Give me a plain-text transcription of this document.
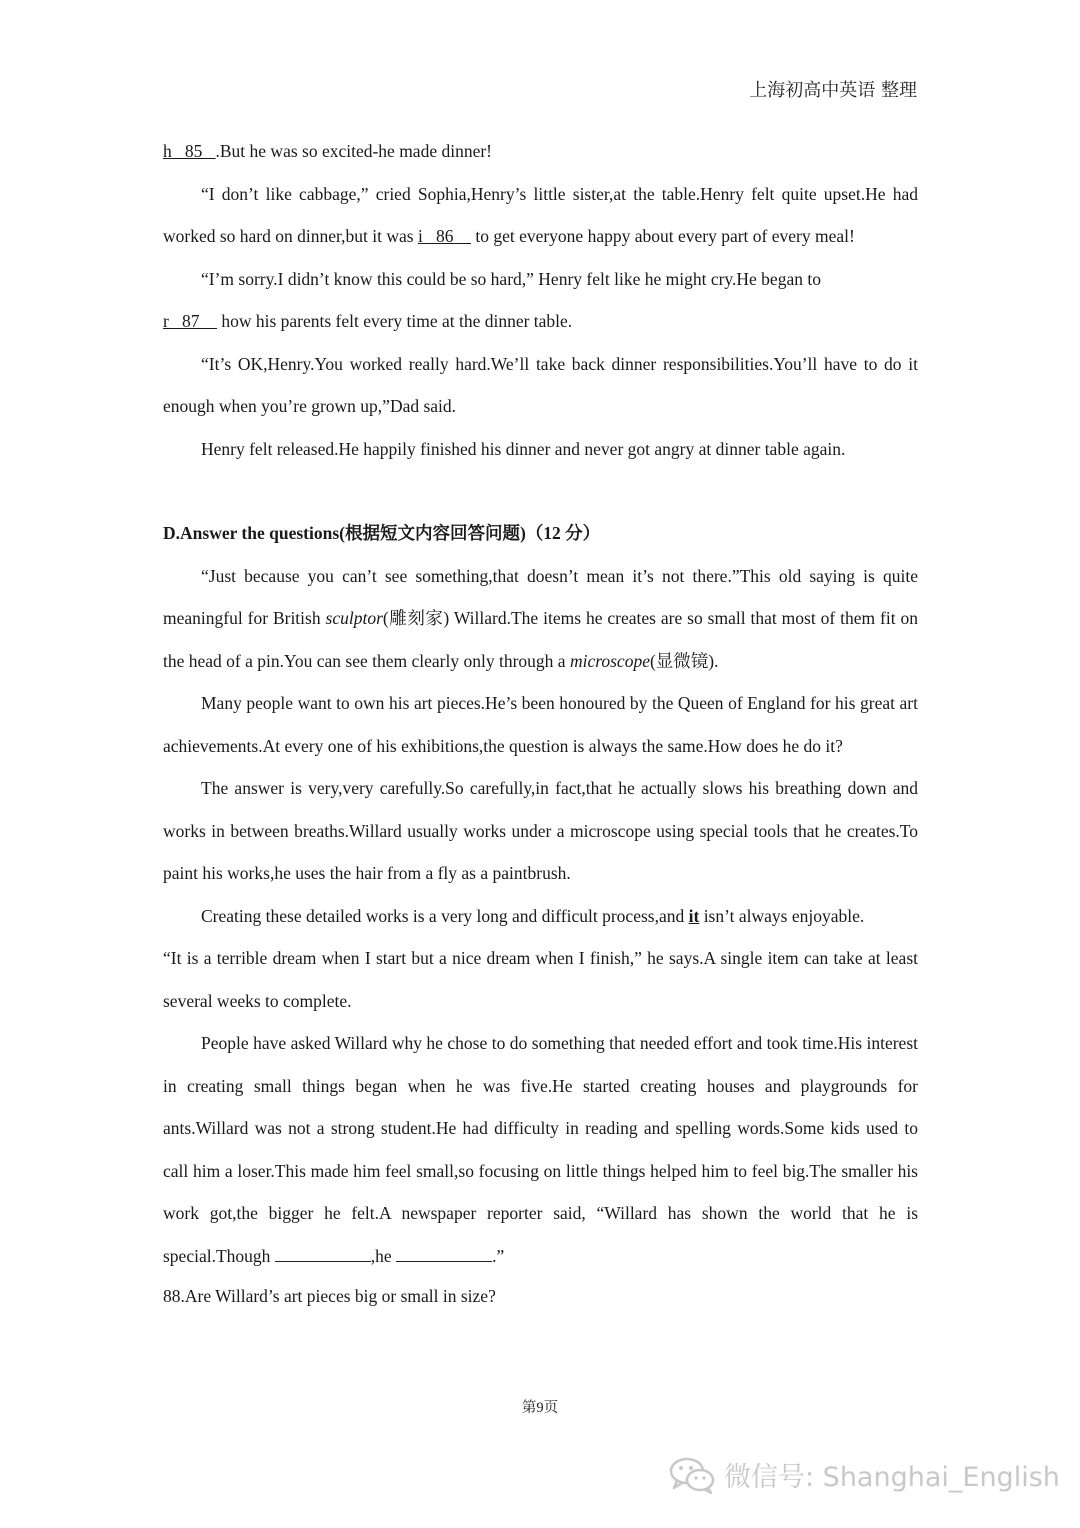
上海初高中英语 整理

h   85   .But he was so excited-he made dinner!

“I don’t like cabbage,” cried Sophia,Henry’s little sister,at the table.Henry felt quite upset.He had worked so hard on dinner,but it was i   86     to get everyone happy about every part of every meal!

“I’m sorry.I didn’t know this could be so hard,” Henry felt like he might cry.He began to

r   87     how his parents felt every time at the dinner table.

“It’s OK,Henry.You worked really hard.We’ll take back dinner responsibilities.You’ll have to do it enough when you’re grown up,”Dad said.

Henry felt released.He happily finished his dinner and never got angry at dinner table again.

D.Answer the questions(根据短文内容回答问题)（12 分）

“Just because you can’t see something,that doesn’t mean it’s not there.”This old saying is quite meaningful for British sculptor(雕刻家) Willard.The items he creates are so small that most of them fit on the head of a pin.You can see them clearly only through a microscope(显微镜).

Many people want to own his art pieces.He’s been honoured by the Queen of England for his great art achievements.At every one of his exhibitions,the question is always the same.How does he do it?

The answer is very,very carefully.So carefully,in fact,that he actually slows his breathing down and works in between breaths.Willard usually works under a microscope using special tools that he creates.To paint his works,he uses the hair from a fly as a paintbrush.

Creating these detailed works is a very long and difficult process,and it isn’t always enjoyable.
“It is a terrible dream when I start but a nice dream when I finish,” he says.A single item can take at least several weeks to complete.

People have asked Willard why he chose to do something that needed effort and took time.His interest in creating small things began when he was five.He started creating houses and playgrounds for ants.Willard was not a strong student.He had difficulty in reading and spelling words.Some kids used to call him a loser.This made him feel small,so focusing on little things helped him to feel big.The smaller his work got,the bigger he felt.A newspaper reporter said, “Willard has shown the world that he is special.Though	,he	.”

88.Are Willard’s art pieces big or small in size?

第9页
微信号: Shanghai_English
